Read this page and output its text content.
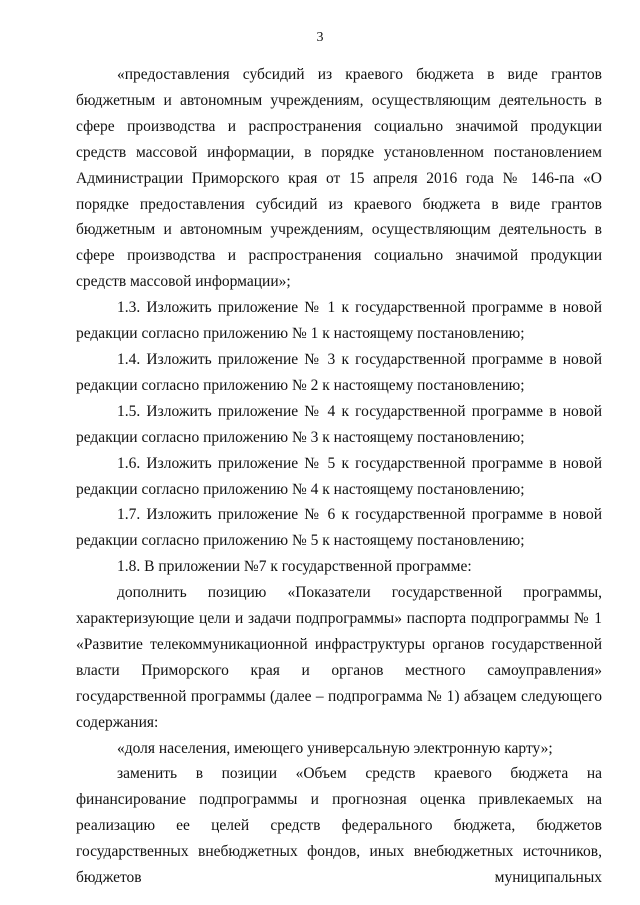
3

«предоставления субсидий из краевого бюджета в виде грантов бюджетным и автономным учреждениям, осуществляющим деятельность в сфере производства и распространения социально значимой продукции средств массовой информации, в порядке установленном постановлением Администрации Приморского края от 15 апреля 2016 года № 146-па «О порядке предоставления субсидий из краевого бюджета в виде грантов бюджетным и автономным учреждениям, осуществляющим деятельность в сфере производства и распространения социально значимой продукции средств массовой информации»;

1.3. Изложить приложение № 1 к государственной программе в новой редакции согласно приложению № 1 к настоящему постановлению;

1.4. Изложить приложение № 3 к государственной программе в новой редакции согласно приложению № 2 к настоящему постановлению;

1.5. Изложить приложение № 4 к государственной программе в новой редакции согласно приложению № 3 к настоящему постановлению;

1.6. Изложить приложение № 5 к государственной программе в новой редакции согласно приложению № 4 к настоящему постановлению;

1.7. Изложить приложение № 6 к государственной программе в новой редакции согласно приложению № 5 к настоящему постановлению;

1.8. В приложении №7 к государственной программе:

дополнить позицию «Показатели государственной программы, характеризующие цели и задачи подпрограммы» паспорта подпрограммы № 1 «Развитие телекоммуникационной инфраструктуры органов государственной власти Приморского края и органов местного самоуправления» государственной программы (далее – подпрограмма № 1) абзацем следующего содержания:

«доля населения, имеющего универсальную электронную карту»;

заменить в позиции «Объем средств краевого бюджета на финансирование подпрограммы и прогнозная оценка привлекаемых на реализацию ее целей средств федерального бюджета, бюджетов государственных внебюджетных фондов, иных внебюджетных источников, бюджетов муниципальных
